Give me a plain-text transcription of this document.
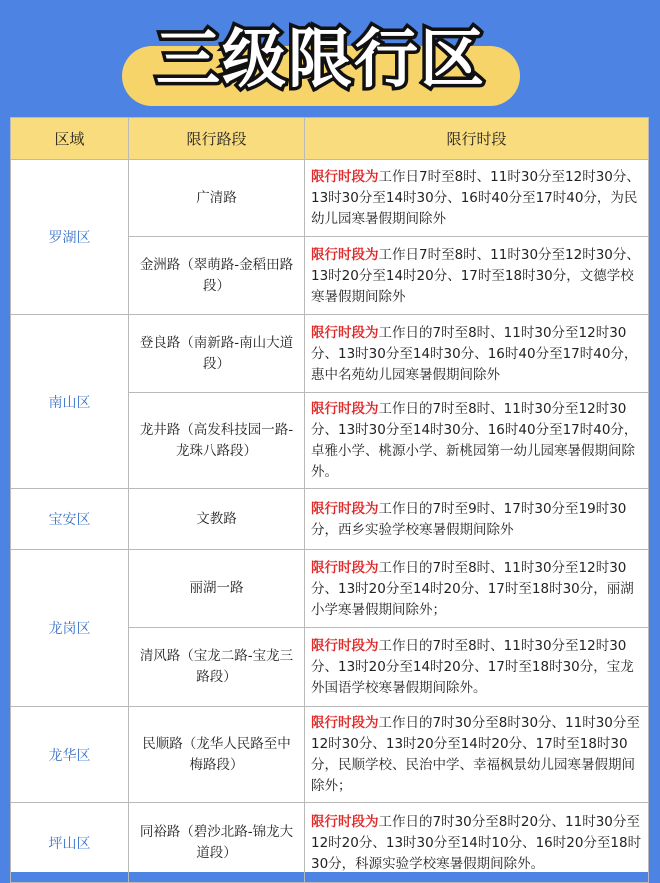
三级限行区
区域	限行路段	限行时段
罗湖区	广清路	限行时段为工作日7时至8时、11时30分至12时30分、13时30分至14时30分、16时40分至17时40分，为民幼儿园寒暑假期间除外
	金洲路（翠萌路-金稻田路段）	限行时段为工作日7时至8时、11时30分至12时30分、13时20分至14时20分、17时至18时30分，文德学校寒暑假期间除外
南山区	登良路（南新路-南山大道段）	限行时段为工作日的7时至8时、11时30分至12时30分、13时30分至14时30分、16时40分至17时40分，惠中名苑幼儿园寒暑假期间除外
	龙井路（高发科技园一路-龙珠八路段）	限行时段为工作日的7时至8时、11时30分至12时30分、13时30分至14时30分、16时40分至17时40分，卓雅小学、桃源小学、新桃园第一幼儿园寒暑假期间除外。
宝安区	文教路	限行时段为工作日的7时至9时、17时30分至19时30分，西乡实验学校寒暑假期间除外
龙岗区	丽湖一路	限行时段为工作日的7时至8时、11时30分至12时30分、13时20分至14时20分、17时至18时30分，丽湖小学寒暑假期间除外；
	清风路（宝龙二路-宝龙三路段）	限行时段为工作日的7时至8时、11时30分至12时30分、13时20分至14时20分、17时至18时30分，宝龙外国语学校寒暑假期间除外。
龙华区	民顺路（龙华人民路至中梅路段）	限行时段为工作日的7时30分至8时30分、11时30分至12时30分、13时20分至14时20分、17时至18时30分，民顺学校、民治中学、幸福枫景幼儿园寒暑假期间除外；
坪山区	同裕路（碧沙北路-锦龙大道段）	限行时段为工作日的7时30分至8时20分、11时30分至12时20分、13时30分至14时10分、16时20分至18时30分，科源实验学校寒暑假期间除外。
